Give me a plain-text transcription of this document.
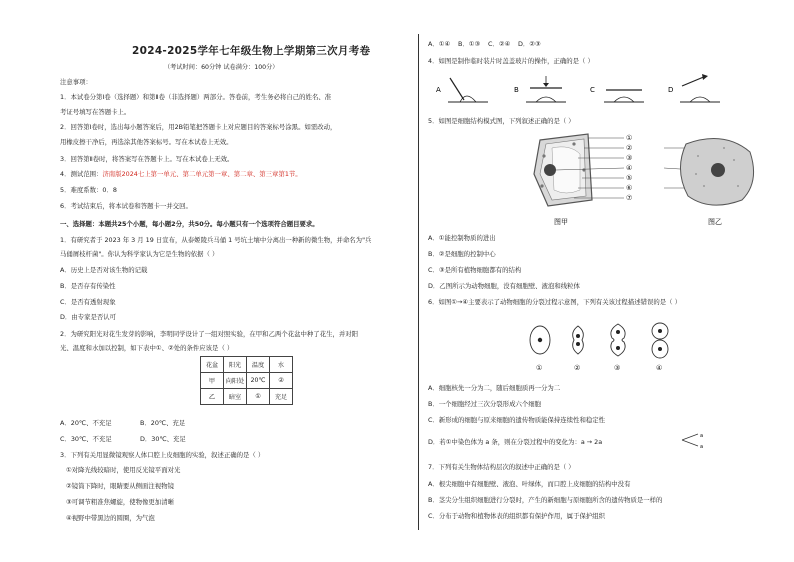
2024-2025学年七年级生物上学期第三次月考卷
（考试时间：60分钟 试卷满分：100分）
注意事项：
1．本试卷分第Ⅰ卷（选择题）和第Ⅱ卷（非选择题）两部分。答卷前，考生务必将自己的姓名、准
考证号填写在答题卡上。
2．回答第Ⅰ卷时，选出每小题答案后，用2B铅笔把答题卡上对应题目的答案标号涂黑。如需改动，
用橡皮擦干净后，再选涂其他答案标号。写在本试卷上无效。
3．回答第Ⅱ卷时，将答案写在答题卡上。写在本试卷上无效。
4．测试范围：济南版2024七上第一单元、第二单元第一章、第二章、第三章第1节。
5．难度系数：0．8
6．考试结束后，将本试卷和答题卡一并交回。
一、选择题：本题共25个小题，每小题2分，共50分。每小题只有一个选项符合题目要求。
1．有研究者于 2023 年 3 月 19 日宣布，从泰姬陵兵马俑 1 号坑土壤中分离出一种新的微生物，并命名为"兵
马俑屑枝杆菌"。你认为科学家认为它是生物的依据（ ）
A．历史上是否对该生物的记载
B．是否存有传染性
C．是否有透射现象
D．由专家是否认可
2．为研究阳光对花生发芽的影响，李明同学设计了一组对照实验，在甲和乙两个花盆中种了花生，并对阳
光、温度和水加以控制，如下表中①、②处的条件应该是（ ）
花盆	阳光	温度	水
甲	向阳处	20℃	②
乙	暗室	①	充足
A．20℃、不充足	B．20℃、充足
C．30℃、不充足	D．30℃、充足
3．下列有关用显微镜观察人体口腔上皮细胞的实验，叙述正确的是（ ）
①对降光线较暗时，使用反光镜平面对光
②镜筒下降时，眼睛要从侧面注视物镜
③可调节粗准焦螺旋，使物像更加清晰
④视野中带黑边的圆圈，为气泡
A．①④ B．①③ C．②④ D．②③
4．如图是制作临时装片时盖盖玻片的操作，正确的是（ ）
A	B	C	D
5．如图是细胞结构模式图，下列叙述正确的是（ ）
①
②
③
④
⑤
⑥
⑦
图甲	图乙
A．①能控制物质的进出
B．②是细胞的控制中心
C．③是所有植物细胞都有的结构
D．乙图所示为动物细胞，没有细胞壁、液泡和线粒体
6．如图①→④主要表示了动物细胞的分裂过程示意图，下列有关该过程描述错误的是（ ）
①	②	③	④
A．细胞核先一分为二，随后细胞质再一分为二
B．一个细胞经过三次分裂形成六个细胞
C．新形成的细胞与原来细胞的遗传物质能保持连续性和稳定性
D．若①中染色体为 a 条，则在分裂过程中的变化为：a → 2a
a
a
7．下列有关生物体结构层次的叙述中正确的是（ ）
A．根尖细胞中有细胞壁、液泡、叶绿体，而口腔上皮细胞的结构中没有
B．茎尖分生组织细胞进行分裂时，产生的新细胞与原细胞所含的遗传物质是一样的
C．分布于动物和植物体表的组织都有保护作用，属于保护组织
